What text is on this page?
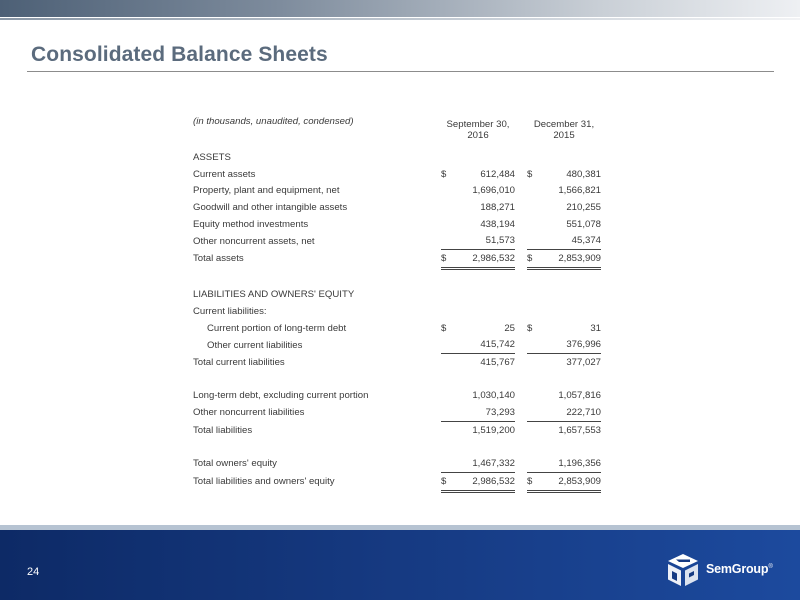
Consolidated Balance Sheets
(in thousands, unaudited, condensed)	September 30,
2016			December 31,
2015	
ASSETS					
Current assets	$	612,484		$	480,381
Property, plant and equipment, net		1,696,010			1,566,821
Goodwill and other intangible assets		188,271			210,255
Equity method investments		438,194			551,078
Other noncurrent assets, net		51,573			45,374
Total assets	$	2,986,532		$	2,853,909

LIABILITIES AND OWNERS' EQUITY					
Current liabilities:					
Current portion of long-term debt	$	25		$	31
Other current liabilities		415,742			376,996
Total current liabilities		415,767			377,027

Long-term debt, excluding current portion		1,030,140			1,057,816
Other noncurrent liabilities		73,293			222,710
Total liabilities		1,519,200			1,657,553

Total owners' equity		1,467,332			1,196,356
Total liabilities and owners' equity	$	2,986,532		$	2,853,909
24	SemGroup®
